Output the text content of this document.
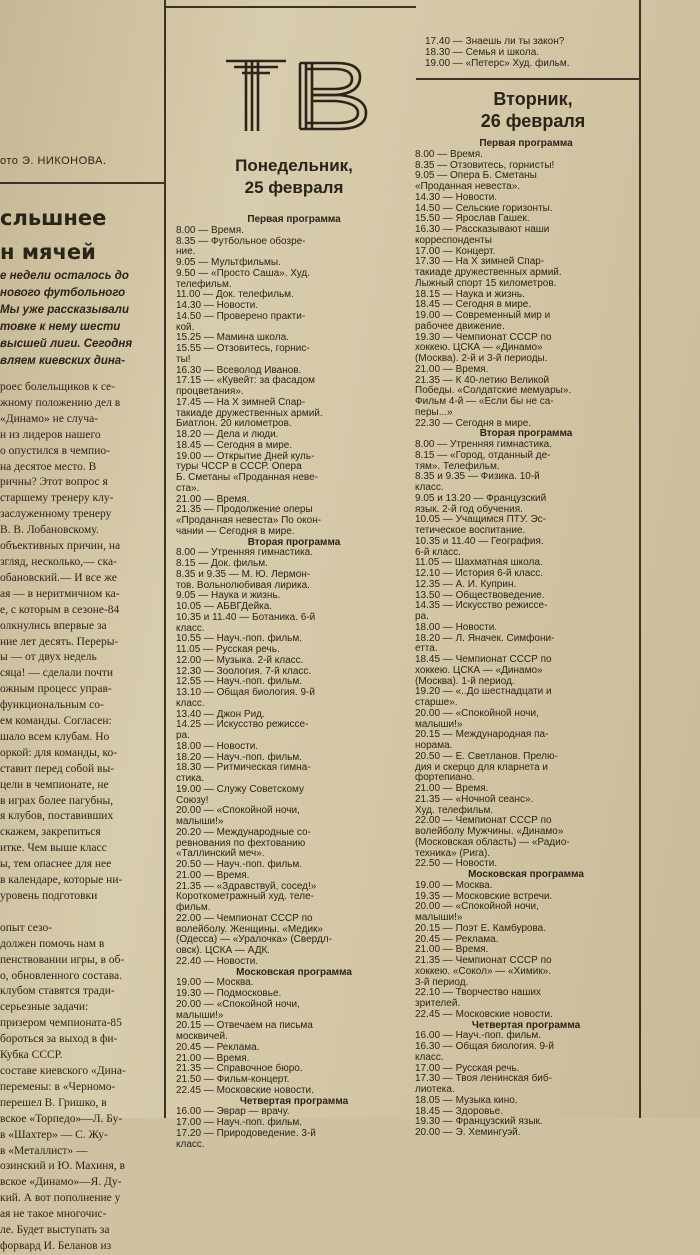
ото Э. НИКОНОВА.
сльшнее
н мячей
е недели осталось до
нового футбольного
Мы уже рассказывали
товке к нему шести
высшей лиги. Сегодня
вляем киевских дина-
роес болельщиков к се-
жному положению дел в
«Динамо» не случа-
н из лидеров нашего
о опустился в чемпио-
на десятое место. В
ричны? Этот вопрос я
старшему тренеру клу-
заслуженному тренеру
В. В. Лобановскому.
объективных причин, на
згляд, несколько,— ска-
обановский.— И все же
ая — в неритмичном ка-
е, с которым в сезоне-84
олкнулись впервые за
ние лет десять. Переры-
ы — от двух недель
сяца! — сделали почти
ожным процесс управ-
функциональным со-
ем команды. Согласен:
шало всем клубам. Но
оркой: для команды, ко-
ставит перед собой вы-
цели в чемпионате, не
в играх более пагубны,
я клубов, поставивших
скажем, закрепиться
итке. Чем выше класс
ы, тем опаснее для нее
в календаре, которые ни-
уровень подготовки

опыт сезо-
должен помочь нам в
пенствовании игры, в об-
о, обновленного состава.
клубом ставятся тради-
серьезные задачи:
призером чемпионата-85
бороться за выход в фи-
Кубка СССР.
составе киевского «Дина-
перемены: в «Черномо-
перешел В. Гришко, в
вское «Торпедо»—Л. Бу-
в «Шахтер» — С. Жу-
в «Металлист» —
озинский и Ю. Махиня, в
вское «Динамо»—Я. Ду-
кий. А вот пополнение у
ая не такое многочис-
ле. Будет выступать за
форвард И. Беланов из
ТВ
Понедельник,
25 февраля
Первая программа
8.00 — Время.
8.35 — Футбольное обозре-
ние.
9.05 — Мультфильмы.
9.50 — «Просто Саша». Худ.
телефильм.
11.00 — Док. телефильм.
14.30 — Новости.
14.50 — Проверено практи-
кой.
15.25 — Мамина школа.
15.55 — Отзовитесь, горнис-
ты!
16.30 — Всеволод Иванов.
17.15 — «Кувейт: за фасадом
процветания».
17.45 — На X зимней Спар-
такиаде дружественных армий.
Биатлон. 20 километров.
18.20 — Дела и люди.
18.45 — Сегодня в мире.
19.00 — Открытие Дней куль-
туры ЧССР в СССР. Опера
Б. Сметаны «Проданная неве-
ста».
21.00 — Время.
21.35 — Продолжение оперы
«Проданная невеста» По окон-
чании — Сегодня в мире.
Вторая программа
8.00 — Утренняя гимнастика.
8.15 — Док. фильм.
8.35 и 9.35 — М. Ю. Лермон-
тов. Вольнолюбивая лирика.
9.05 — Наука и жизнь.
10.05 — АБВГДейка.
10.35 и 11.40 — Ботаника. 6-й
класс.
10.55 — Науч.-поп. фильм.
11.05 — Русская речь.
12.00 — Музыка. 2-й класс.
12.30 — Зоология. 7-й класс.
12.55 — Науч.-поп. фильм.
13.10 — Общая биология. 9-й
класс.
13.40 — Джон Рид.
14.25 — Искусство режиссе-
ра.
18.00 — Новости.
18.20 — Науч.-поп. фильм.
18.30 — Ритмическая гимна-
стика.
19.00 — Служу Советскому
Союзу!
20.00 — «Спокойной ночи,
малыши!»
20.20 — Международные со-
ревнования по фехтованию
«Таллинский меч».
20.50 — Науч.-поп. фильм.
21.00 — Время.
21.35 — «Здравствуй, сосед!»
Короткометражный худ. теле-
фильм.
22.00 — Чемпионат СССР по
волейболу. Женщины. «Медик»
(Одесса) — «Уралочка» (Свердл-
овск). ЦСКА — АДК.
22.40 — Новости.
Московская программа
19.00 — Москва.
19.30 — Подмосковье.
20.00 — «Спокойной ночи,
малыши!»
20.15 — Отвечаем на письма
москвичей.
20.45 — Реклама.
21.00 — Время.
21.35 — Справочное бюро.
21.50 — Фильм-концерт.
22.45 — Московские новости.
Четвертая программа
16.00 — Эврар — врачу.
17.00 — Науч.-поп. фильм.
17.20 — Природоведение. 3-й
класс.
17.40 — Знаешь ли ты закон?
18.30 — Семья и школа.
19.00 — «Петерс» Худ. фильм.
Вторник,
26 февраля
Первая программа
8.00 — Время.
8.35 — Отзовитесь, горнисты!
9.05 — Опера Б. Сметаны
«Проданная невеста».
14.30 — Новости.
14.50 — Сельские горизонты.
15.50 — Ярослав Гашек.
16.30 — Рассказывают наши
корреспонденты
17.00 — Концерт.
17.30 — На X зимней Спар-
такиаде дружественных армий.
Лыжный спорт 15 километров.
18.15 — Наука и жизнь.
18.45 — Сегодня в мире.
19.00 — Современный мир и
рабочее движение.
19.30 — Чемпионат СССР по
хоккею. ЦСКА — «Динамо»
(Москва). 2-й и 3-й периоды.
21.00 — Время.
21.35 — К 40-летию Великой
Победы. «Солдатские мемуары».
Фильм 4-й — «Если бы не са-
перы...»
22.30 — Сегодня в мире.
Вторая программа
8.00 — Утренняя гимнастика.
8.15 — «Город, отданный де-
тям». Телефильм.
8.35 и 9.35 — Физика. 10-й
класс.
9.05 и 13.20 — Французский
язык. 2-й год обучения.
10.05 — Учащимся ПТУ. Эс-
тетическое воспитание.
10.35 и 11.40 — География.
6-й класс.
11.05 — Шахматная школа.
12.10 — История 6-й класс.
12.35 — А. И. Куприн.
13.50 — Обществоведение.
14.35 — Искусство режиссе-
ра.
18.00 — Новости.
18.20 — Л. Яначек. Симфони-
етта.
18.45 — Чемпионат СССР по
хоккею. ЦСКА — «Динамо»
(Москва). 1-й период.
19.20 — «..До шестнадцати и
старше».
20.00 — «Спокойной ночи,
малыши!»
20.15 — Международная па-
норама.
20.50 — Е. Светланов. Прелю-
дия и скерцо для кларнета и
фортепиано.
21.00 — Время.
21.35 — «Ночной сеанс».
Худ. телефильм.
22.00 — Чемпионат СССР по
волейболу Мужчины. «Динамо»
(Московская область) — «Радио-
техника» (Рига).
22.50 — Новости.
Московская программа
19.00 — Москва.
19.35 — Московские встречи.
20.00 — «Спокойной ночи,
малыши!»
20.15 — Поэт Е. Камбурова.
20.45 — Реклама.
21.00 — Время.
21.35 — Чемпионат СССР по
хоккею. «Сокол» — «Химик».
3-й период.
22.10 — Творчество наших
зрителей.
22.45 — Московские новости.
Четвертая программа
16.00 — Науч.-поп. фильм.
16.30 — Общая биология. 9-й
класс.
17.00 — Русская речь.
17.30 — Твоя ленинская биб-
лиотека.
18.05 — Музыка кино.
18.45 — Здоровье.
19.30 — Французский язык.
20.00 — Э. Хемингуэй.
